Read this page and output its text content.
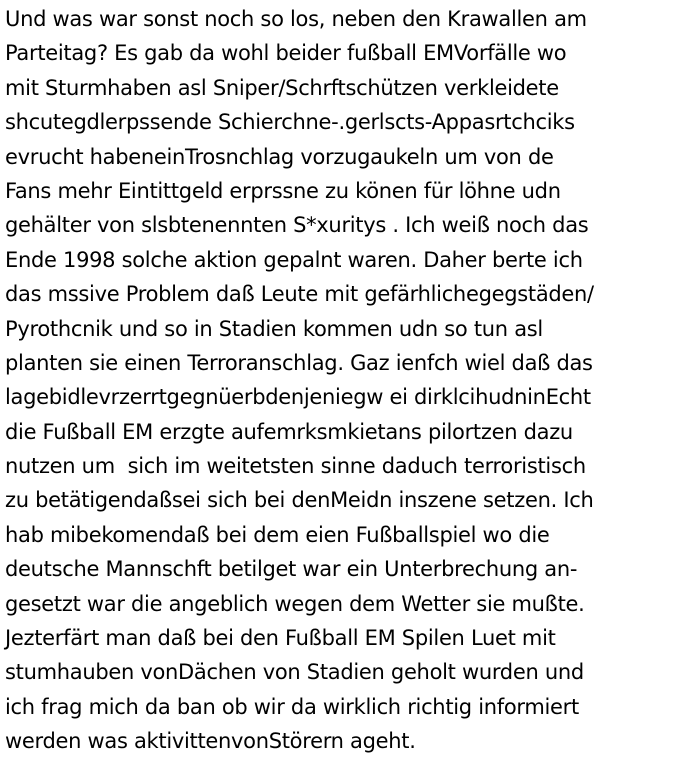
Und was war sonst noch so los, neben den Krawallen am
Parteitag? Es gab da wohl beider fußball EMVorfälle wo
mit Sturmhaben asl Sniper/Schrftschützen verkleidete
shcutegdlerpssende Schierchne-.gerlscts-Appasrtchciks
evrucht habeneinTrosnchlag vorzugaukeln um von de
Fans mehr Eintittgeld erprssne zu könen für löhne udn
gehälter von slsbtenennten S*xuritys . Ich weiß noch das
Ende 1998 solche aktion gepalnt waren. Daher berte ich
das mssive Problem daß Leute mit gefärhlichegegstäden/
Pyrothcnik und so in Stadien kommen udn so tun asl
planten sie einen Terroranschlag. Gaz ienfch wiel daß das
lagebidlevrzerrtgegnüerbdenjeniegw ei dirklcihudninEcht
die Fußball EM erzgte aufemrksmkietans pilortzen dazu
nutzen um  sich im weitetsten sinne daduch terroristisch
zu betätigendaßsei sich bei denMeidn inszene setzen. Ich
hab mibekomendaß bei dem eien Fußballspiel wo die
deutsche Mannschft betilget war ein Unterbrechung an-
gesetzt war die angeblich wegen dem Wetter sie mußte.
Jezterfärt man daß bei den Fußball EM Spilen Luet mit
stumhauben vonDächen von Stadien geholt wurden und
ich frag mich da ban ob wir da wirklich richtig informiert
werden was aktivittenvonStörern ageht.
